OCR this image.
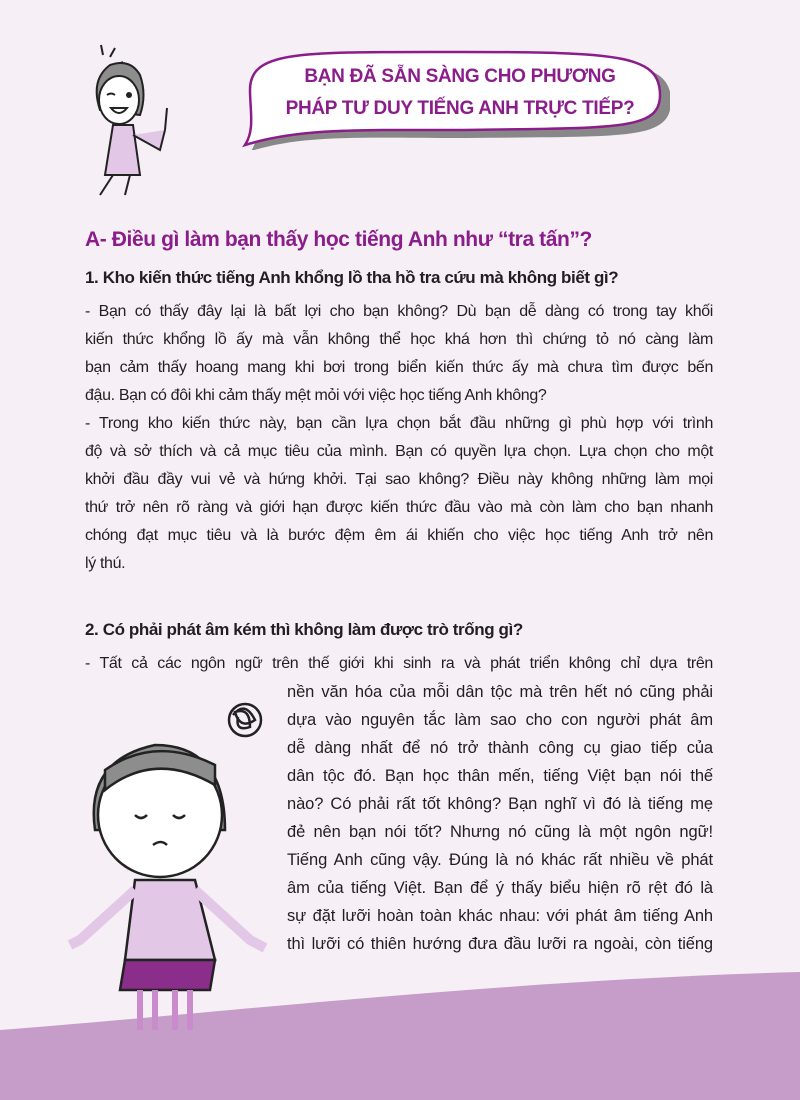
BẠN ĐÃ SẴN SÀNG CHO PHƯƠNG
PHÁP TƯ DUY TIẾNG ANH TRỰC TIẾP?
A- Điều gì làm bạn thấy học tiếng Anh như “tra tấn”?
1. Kho kiến thức tiếng Anh khổng lồ tha hồ tra cứu mà không biết gì?
- Bạn có thấy đây lại là bất lợi cho bạn không? Dù bạn dễ dàng có trong tay khối
kiến thức khổng lồ ấy mà vẫn không thể học khá hơn thì chứng tỏ nó càng làm
bạn cảm thấy hoang mang khi bơi trong biển kiến thức ấy mà chưa tìm được bến
đậu. Bạn có đôi khi cảm thấy mệt mỏi với việc học tiếng Anh không?
- Trong kho kiến thức này, bạn cần lựa chọn bắt đầu những gì phù hợp với trình
độ và sở thích và cả mục tiêu của mình. Bạn có quyền lựa chọn. Lựa chọn cho một
khởi đầu đầy vui vẻ và hứng khởi. Tại sao không? Điều này không những làm mọi
thứ trở nên rõ ràng và giới hạn được kiến thức đầu vào mà còn làm cho bạn nhanh
chóng đạt mục tiêu và là bước đệm êm ái khiến cho việc học tiếng Anh trở nên
lý thú.
2. Có phải phát âm kém thì không làm được trò trống gì?
- Tất cả các ngôn ngữ trên thế giới khi sinh ra và phát triển không chỉ dựa trên
nền văn hóa của mỗi dân tộc mà trên hết nó cũng phải
dựa vào nguyên tắc làm sao cho con người phát âm
dễ dàng nhất để nó trở thành công cụ giao tiếp của
dân tộc đó. Bạn học thân mến, tiếng Việt bạn nói thế
nào? Có phải rất tốt không? Bạn nghĩ vì đó là tiếng mẹ
đẻ nên bạn nói tốt? Nhưng nó cũng là một ngôn ngữ!
Tiếng Anh cũng vậy. Đúng là nó khác rất nhiều về phát
âm của tiếng Việt. Bạn để ý thấy biểu hiện rõ rệt đó là
sự đặt lưỡi hoàn toàn khác nhau: với phát âm tiếng Anh
thì lưỡi có thiên hướng đưa đầu lưỡi ra ngoài, còn tiếng
